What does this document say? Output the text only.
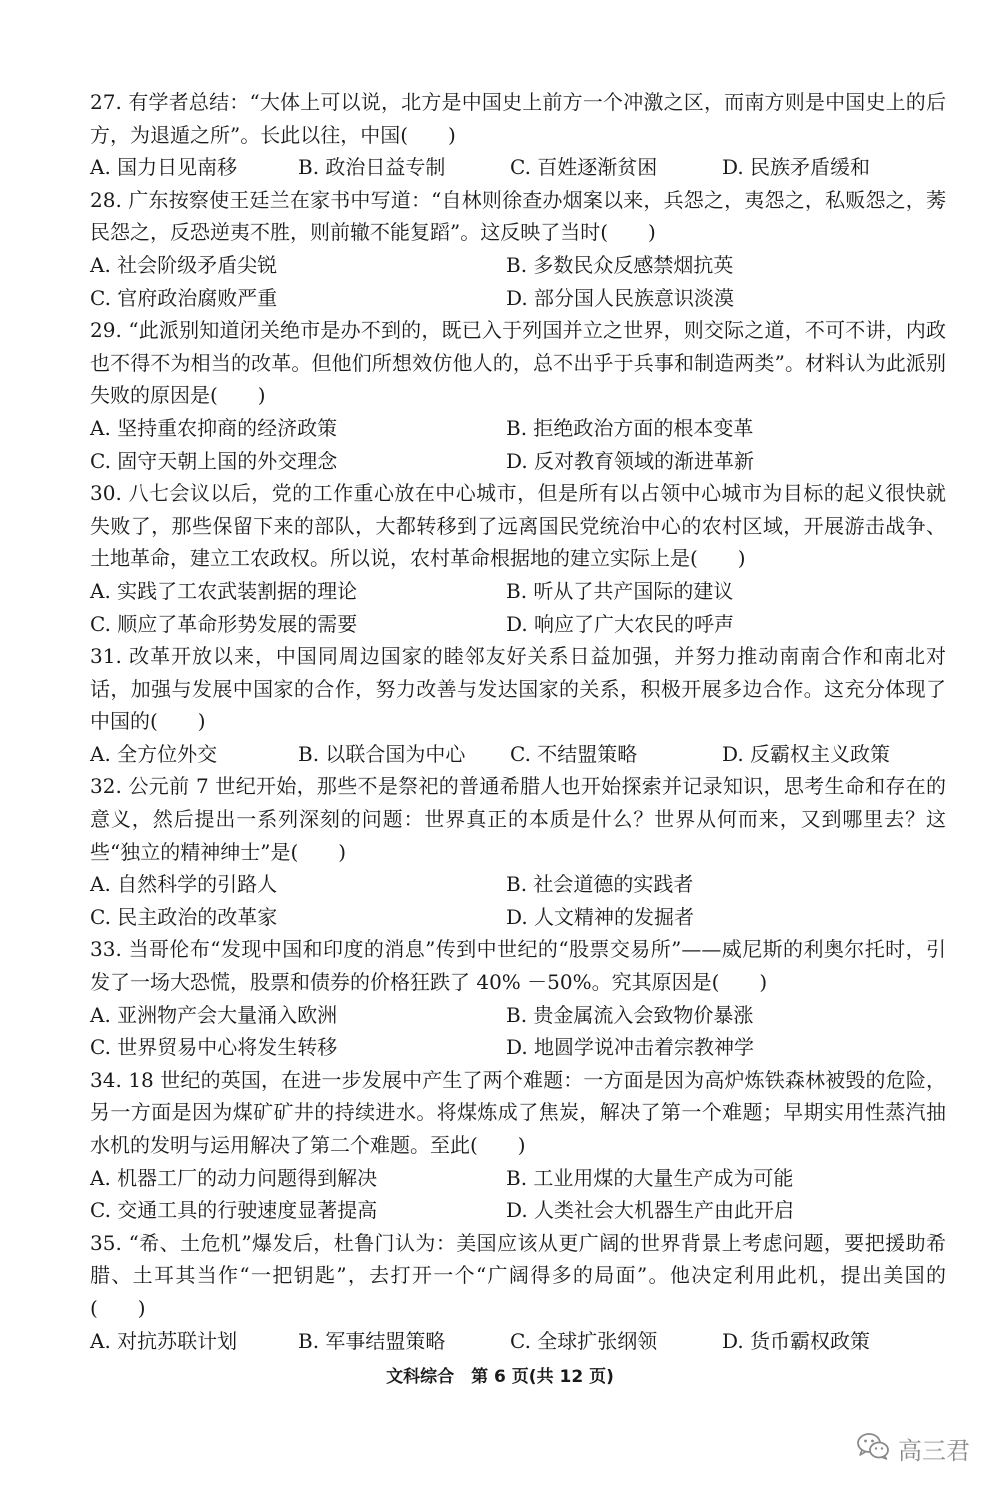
27. 有学者总结：“大体上可以说，北方是中国史上前方一个冲激之区，而南方则是中国史上的后方，为退遁之所”。长此以往，中国(　　)

A. 国力日见南移	B. 政治日益专制	C. 百姓逐渐贫困	D. 民族矛盾缓和

28. 广东按察使王廷兰在家书中写道：“自林则徐查办烟案以来，兵怨之，夷怨之，私贩怨之，莠民怨之，反恐逆夷不胜，则前辙不能复蹈”。这反映了当时(　　)

A. 社会阶级矛盾尖锐	B. 多数民众反感禁烟抗英
C. 官府政治腐败严重	D. 部分国人民族意识淡漠

29. “此派别知道闭关绝市是办不到的，既已入于列国并立之世界，则交际之道，不可不讲，内政也不得不为相当的改革。但他们所想效仿他人的，总不出乎于兵事和制造两类”。材料认为此派别失败的原因是(　　)

A. 坚持重农抑商的经济政策	B. 拒绝政治方面的根本变革
C. 固守天朝上国的外交理念	D. 反对教育领域的渐进革新

30. 八七会议以后，党的工作重心放在中心城市，但是所有以占领中心城市为目标的起义很快就失败了，那些保留下来的部队，大都转移到了远离国民党统治中心的农村区域，开展游击战争、土地革命，建立工农政权。所以说，农村革命根据地的建立实际上是(　　)

A. 实践了工农武装割据的理论	B. 听从了共产国际的建议
C. 顺应了革命形势发展的需要	D. 响应了广大农民的呼声

31. 改革开放以来，中国同周边国家的睦邻友好关系日益加强，并努力推动南南合作和南北对话，加强与发展中国家的合作，努力改善与发达国家的关系，积极开展多边合作。这充分体现了中国的(　　)

A. 全方位外交	B. 以联合国为中心	C. 不结盟策略	D. 反霸权主义政策

32. 公元前 7 世纪开始，那些不是祭祀的普通希腊人也开始探索并记录知识，思考生命和存在的意义，然后提出一系列深刻的问题：世界真正的本质是什么？世界从何而来，又到哪里去？这些“独立的精神绅士”是(　　)

A. 自然科学的引路人	B. 社会道德的实践者
C. 民主政治的改革家	D. 人文精神的发掘者

33. 当哥伦布“发现中国和印度的消息”传到中世纪的“股票交易所”——威尼斯的利奥尔托时，引发了一场大恐慌，股票和债券的价格狂跌了 40% －50%。究其原因是(　　)

A. 亚洲物产会大量涌入欧洲	B. 贵金属流入会致物价暴涨
C. 世界贸易中心将发生转移	D. 地圆学说冲击着宗教神学

34. 18 世纪的英国，在进一步发展中产生了两个难题：一方面是因为高炉炼铁森林被毁的危险，另一方面是因为煤矿矿井的持续进水。将煤炼成了焦炭，解决了第一个难题；早期实用性蒸汽抽水机的发明与运用解决了第二个难题。至此(　　)

A. 机器工厂的动力问题得到解决	B. 工业用煤的大量生产成为可能
C. 交通工具的行驶速度显著提高	D. 人类社会大机器生产由此开启

35. “希、土危机”爆发后，杜鲁门认为：美国应该从更广阔的世界背景上考虑问题，要把援助希腊、土耳其当作“一把钥匙”，去打开一个“广阔得多的局面”。他决定利用此机，提出美国的(　　)

A. 对抗苏联计划	B. 军事结盟策略	C. 全球扩张纲领	D. 货币霸权政策
文科综合　第 6 页(共 12 页)
高三君
